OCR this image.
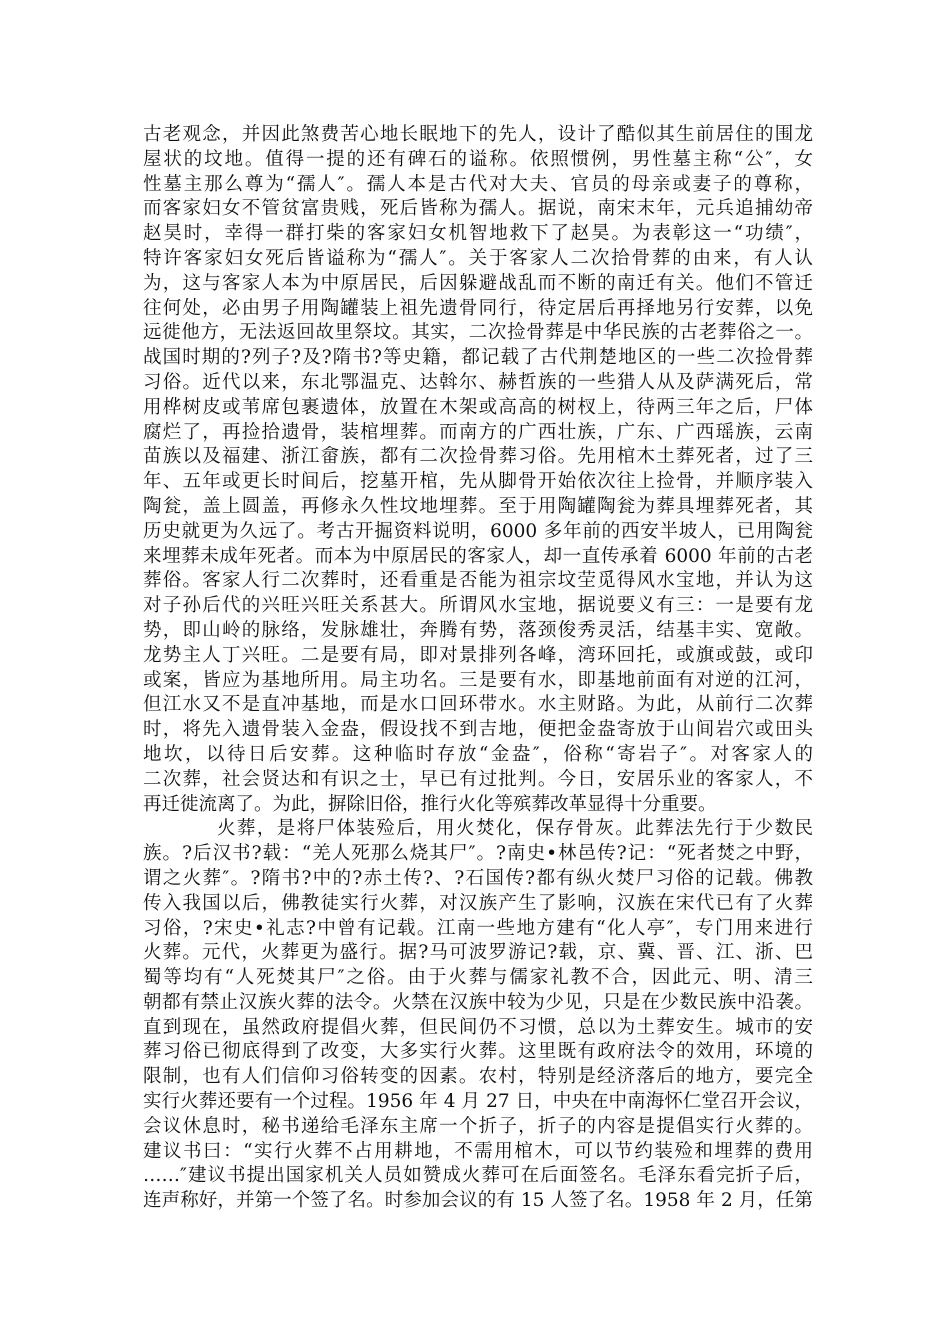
古老观念，并因此煞费苦心地长眠地下的先人，设计了酷似其生前居住的围龙
屋状的坟地。值得一提的还有碑石的谥称。依照惯例，男性墓主称“公″，女
性墓主那么尊为“孺人″。孺人本是古代对大夫、官员的母亲或妻子的尊称，
而客家妇女不管贫富贵贱，死后皆称为孺人。据说，南宋末年，元兵追捕幼帝
赵昊时，幸得一群打柴的客家妇女机智地救下了赵昊。为表彰这一“功绩″，
特许客家妇女死后皆谥称为“孺人″。关于客家人二次拾骨葬的由来，有人认
为，这与客家人本为中原居民，后因躲避战乱而不断的南迁有关。他们不管迁
往何处，必由男子用陶罐装上祖先遗骨同行，待定居后再择地另行安葬，以免
远徙他方，无法返回故里祭坟。其实，二次捡骨葬是中华民族的古老葬俗之一。
战国时期的?列子?及?隋书?等史籍，都记载了古代荆楚地区的一些二次捡骨葬
习俗。近代以来，东北鄂温克、达斡尔、赫哲族的一些猎人从及萨满死后，常
用桦树皮或苇席包裹遗体，放置在木架或高高的树杈上，待两三年之后，尸体
腐烂了，再捡拾遗骨，装棺埋葬。而南方的广西壮族，广东、广西瑶族，云南
苗族以及福建、浙江畲族，都有二次捡骨葬习俗。先用棺木土葬死者，过了三
年、五年或更长时间后，挖墓开棺，先从脚骨开始依次往上捡骨，并顺序装入
陶瓮，盖上圆盖，再修永久性坟地埋葬。至于用陶罐陶瓮为葬具埋葬死者，其
历史就更为久远了。考古开掘资料说明，6000 多年前的西安半坡人，已用陶瓮
来埋葬未成年死者。而本为中原居民的客家人，却一直传承着 6000 年前的古老
葬俗。客家人行二次葬时，还看重是否能为祖宗坟茔觅得风水宝地，并认为这
对子孙后代的兴旺兴旺关系甚大。所谓风水宝地，据说要义有三：一是要有龙
势，即山岭的脉络，发脉雄壮，奔腾有势，落颈俊秀灵活，结基丰实、宽敞。
龙势主人丁兴旺。二是要有局，即对景排列各峰，湾环回托，或旗或鼓，或印
或案，皆应为基地所用。局主功名。三是要有水，即基地前面有对逆的江河，
但江水又不是直冲基地，而是水口回环带水。水主财路。为此，从前行二次葬
时，将先入遗骨装入金盎，假设找不到吉地，便把金盎寄放于山间岩穴或田头
地坎，以待日后安葬。这种临时存放“金盎″，俗称“寄岩子″。对客家人的
二次葬，社会贤达和有识之士，早已有过批判。今日，安居乐业的客家人，不
再迁徙流离了。为此，摒除旧俗，推行火化等殡葬改革显得十分重要。
火葬，是将尸体装殓后，用火焚化，保存骨灰。此葬法先行于少数民
族。?后汉书?载：“羌人死那么烧其尸″。?南史•林邑传?记：“死者焚之中野，
谓之火葬″。?隋书?中的?赤土传?、?石国传?都有纵火焚尸习俗的记载。佛教
传入我国以后，佛教徒实行火葬，对汉族产生了影响，汉族在宋代已有了火葬
习俗，?宋史•礼志?中曾有记载。江南一些地方建有“化人亭″，专门用来进行
火葬。元代，火葬更为盛行。据?马可波罗游记?载，京、冀、晋、江、浙、巴
蜀等均有“人死焚其尸″之俗。由于火葬与儒家礼教不合，因此元、明、清三
朝都有禁止汉族火葬的法令。火禁在汉族中较为少见，只是在少数民族中沿袭。
直到现在，虽然政府提倡火葬，但民间仍不习惯，总以为土葬安生。城市的安
葬习俗已彻底得到了改变，大多实行火葬。这里既有政府法令的效用，环境的
限制，也有人们信仰习俗转变的因素。农村，特别是经济落后的地方，要完全
实行火葬还要有一个过程。1956 年 4 月 27 日，中央在中南海怀仁堂召开会议，
会议休息时，秘书递给毛泽东主席一个折子，折子的内容是提倡实行火葬的。
建议书曰：“实行火葬不占用耕地，不需用棺木，可以节约装殓和埋葬的费用
……″建议书提出国家机关人员如赞成火葬可在后面签名。毛泽东看完折子后，
连声称好，并第一个签了名。时参加会议的有 15 人签了名。1958 年 2 月，任第
